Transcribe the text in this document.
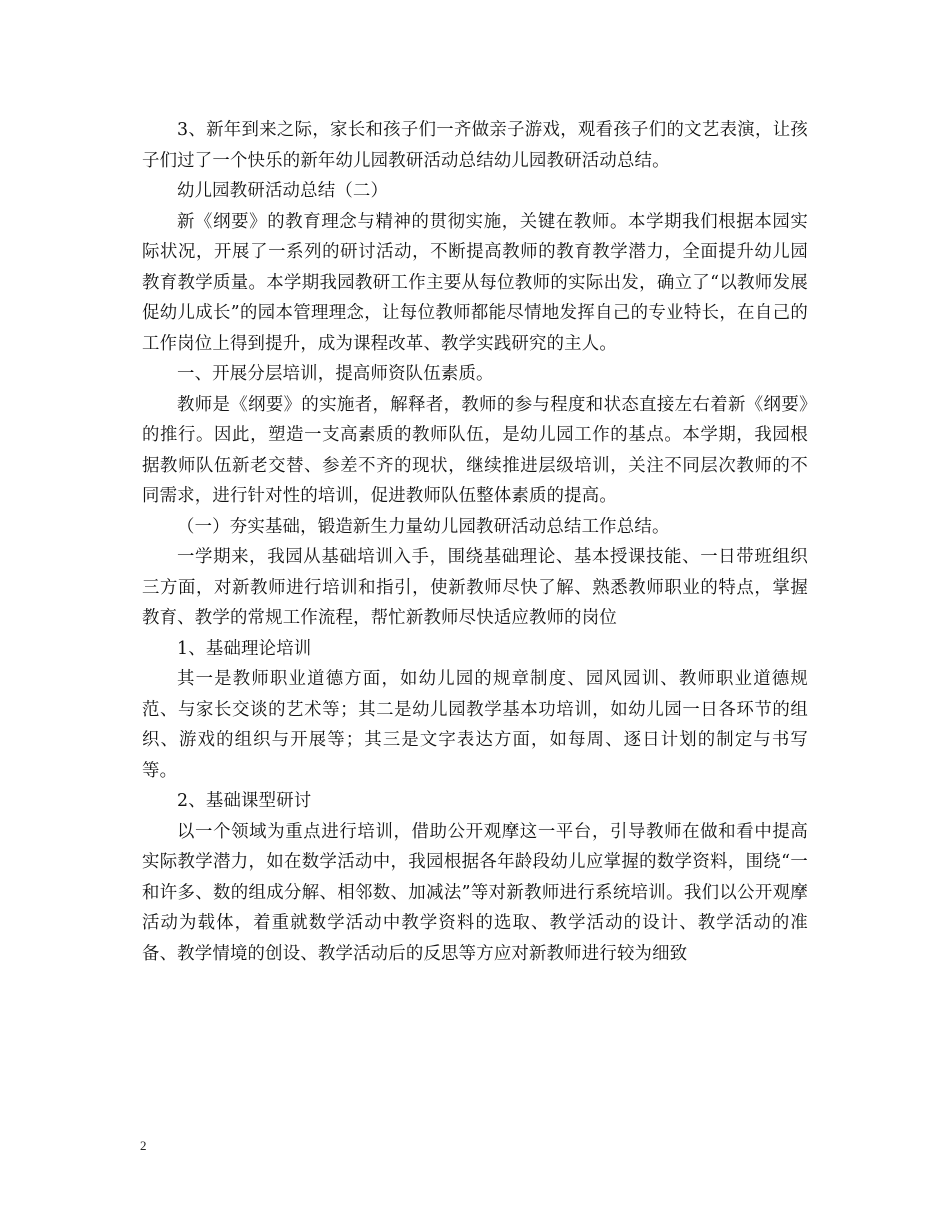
3、新年到来之际，家长和孩子们一齐做亲子游戏，观看孩子们的文艺表演，让孩子们过了一个快乐的新年幼儿园教研活动总结幼儿园教研活动总结。

幼儿园教研活动总结（二）

新《纲要》的教育理念与精神的贯彻实施，关键在教师。本学期我们根据本园实际状况，开展了一系列的研讨活动，不断提高教师的教育教学潜力，全面提升幼儿园教育教学质量。本学期我园教研工作主要从每位教师的实际出发，确立了“以教师发展促幼儿成长”的园本管理理念，让每位教师都能尽情地发挥自己的专业特长，在自己的工作岗位上得到提升，成为课程改革、教学实践研究的主人。

一、开展分层培训，提高师资队伍素质。

教师是《纲要》的实施者，解释者，教师的参与程度和状态直接左右着新《纲要》的推行。因此，塑造一支高素质的教师队伍，是幼儿园工作的基点。本学期，我园根据教师队伍新老交替、参差不齐的现状，继续推进层级培训，关注不同层次教师的不同需求，进行针对性的培训，促进教师队伍整体素质的提高。

（一）夯实基础，锻造新生力量幼儿园教研活动总结工作总结。

一学期来，我园从基础培训入手，围绕基础理论、基本授课技能、一日带班组织三方面，对新教师进行培训和指引，使新教师尽快了解、熟悉教师职业的特点，掌握教育、教学的常规工作流程，帮忙新教师尽快适应教师的岗位

1、基础理论培训

其一是教师职业道德方面，如幼儿园的规章制度、园风园训、教师职业道德规范、与家长交谈的艺术等；其二是幼儿园教学基本功培训，如幼儿园一日各环节的组织、游戏的组织与开展等；其三是文字表达方面，如每周、逐日计划的制定与书写等。

2、基础课型研讨

以一个领域为重点进行培训，借助公开观摩这一平台，引导教师在做和看中提高实际教学潜力，如在数学活动中，我园根据各年龄段幼儿应掌握的数学资料，围绕“一和许多、数的组成分解、相邻数、加减法”等对新教师进行系统培训。我们以公开观摩活动为载体，着重就数学活动中教学资料的选取、教学活动的设计、教学活动的准备、教学情境的创设、教学活动后的反思等方应对新教师进行较为细致

2
